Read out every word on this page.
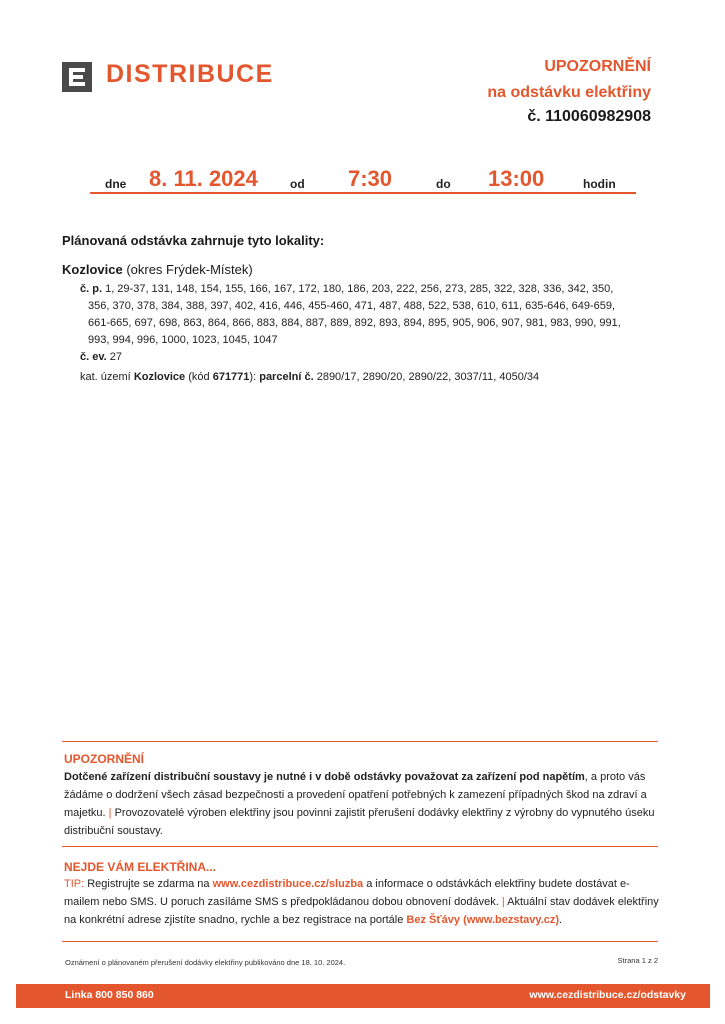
DISTRIBUCE	UPOZORNĚNÍ
na odstávku elektřiny
č. 110060982908
dne 8. 11. 2024	od 7:30	do 13:00	hodin
Plánovaná odstávka zahrnuje tyto lokality:
Kozlovice (okres Frýdek-Místek)
č. p. 1, 29-37, 131, 148, 154, 155, 166, 167, 172, 180, 186, 203, 222, 256, 273, 285, 322, 328, 336, 342, 350,
356, 370, 378, 384, 388, 397, 402, 416, 446, 455-460, 471, 487, 488, 522, 538, 610, 611, 635-646, 649-659,
661-665, 697, 698, 863, 864, 866, 883, 884, 887, 889, 892, 893, 894, 895, 905, 906, 907, 981, 983, 990, 991,
993, 994, 996, 1000, 1023, 1045, 1047
č. ev. 27
kat. území Kozlovice (kód 671771): parcelní č. 2890/17, 2890/20, 2890/22, 3037/11, 4050/34
UPOZORNĚNÍ
Dotčené zařízení distribuční soustavy je nutné i v době odstávky považovat za zařízení pod napětím, a proto vás žádáme o dodržení všech zásad bezpečnosti a provedení opatření potřebných k zamezení případných škod na zdraví a majetku. | Provozovatelé výroben elektřiny jsou povinni zajistit přerušení dodávky elektřiny z výrobny do vypnutého úseku distribuční soustavy.
NEJDE VÁM ELEKTŘINA...
TIP: Registrujte se zdarma na www.cezdistribuce.cz/sluzba a informace o odstávkách elektřiny budete dostávat e-mailem nebo SMS. U poruch zasíláme SMS s předpokládanou dobou obnovení dodávek. | Aktuální stav dodávek elektřiny na konkrétní adrese zjistíte snadno, rychle a bez registrace na portále Bez Šťávy (www.bezstavy.cz).
Oznámení o plánovaném přerušení dodávky elektřiny publikováno dne 18. 10. 2024.	Strana 1 z 2
Linka 800 850 860	www.cezdistribuce.cz/odstavky
